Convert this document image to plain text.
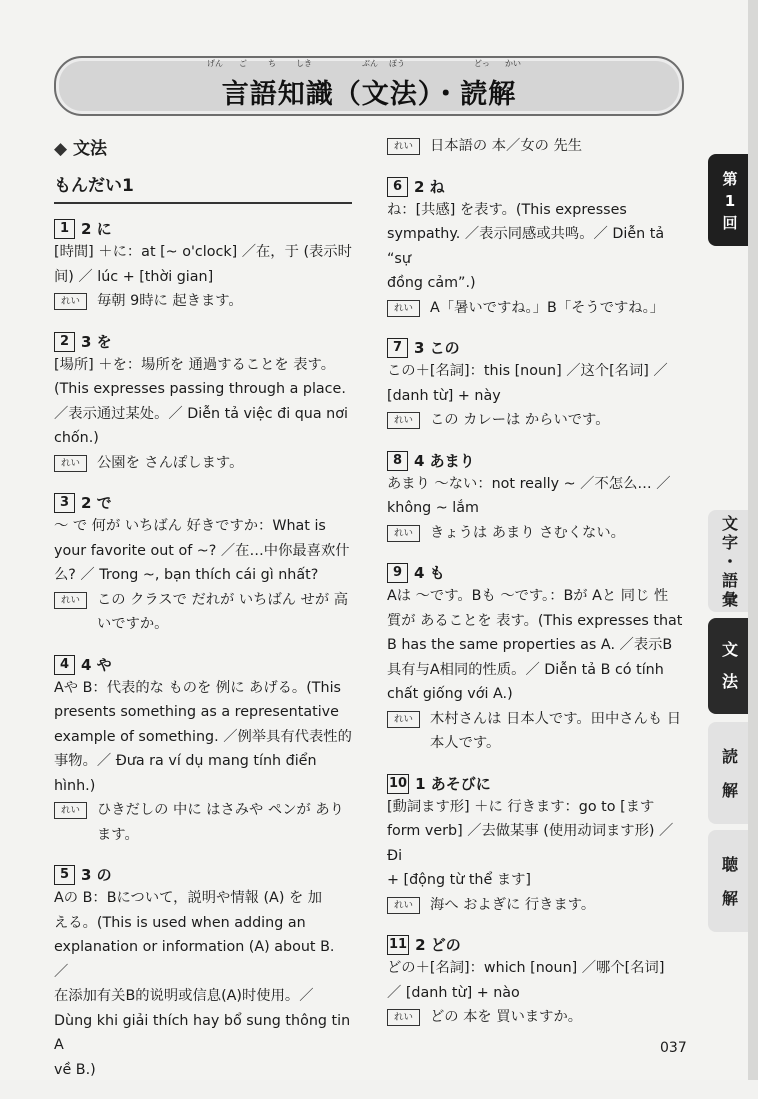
言語知識（文法）・読解
げん ご	ち	しき	ぶん ぽう	どっ かい
◆ 文法
もんだい1
1 2 に
[時間] ＋に：at [~ o'clock] ／在，于 (表示时
间) ／ lúc + [thời gian]
れい	毎朝 9時に 起きます。
2 3 を
[場所] ＋を：場所を 通過することを 表す。
(This expresses passing through a place.
／表示通过某处。／ Diễn tả việc đi qua nơi
chốn.)
れい	公園を さんぽします。
3 2 で
～ で 何が いちばん 好きですか：What is
your favorite out of ~? ／在…中你最喜欢什
么? ／ Trong ~, bạn thích cái gì nhất?
れい	この クラスで だれが いちばん せが 高いですか。
4 4 や
Aや B：代表的な ものを 例に あげる。(This
presents something as a representative
example of something. ／例举具有代表性的
事物。／ Đưa ra ví dụ mang tính điển hình.)
れい	ひきだしの 中に はさみや ペンが あります。
5 3 の
Aの B：Bについて，説明や情報 (A) を 加
える。(This is used when adding an
explanation or information (A) about B. ／
在添加有关B的说明或信息(A)时使用。／
Dùng khi giải thích hay bổ sung thông tin A
về B.)
れい	日本語の 本／女の 先生
6 2 ね
ね：[共感] を表す。(This expresses
sympathy. ／表示同感或共鸣。／ Diễn tả “sự
đồng cảm”.)
れい	A「暑いですね。」B「そうですね。」
7 3 この
この＋[名詞]：this [noun] ／这个[名词] ／
[danh từ] + này
れい	この カレーは からいです。
8 4 あまり
あまり ～ない：not really ~ ／不怎么… ／
không ~ lắm
れい	きょうは あまり さむくない。
9 4 も
Aは ～です。Bも ～です。：Bが Aと 同じ 性
質が あることを 表す。(This expresses that
B has the same properties as A. ／表示B
具有与A相同的性质。／ Diễn tả B có tính
chất giống với A.)
れい	木村さんは 日本人です。田中さんも 日本人です。
10 1 あそびに
[動詞ます形] ＋に 行きます：go to [ます
form verb] ／去做某事 (使用动词ます形) ／ Đi
+ [động từ thể ます]
れい	海へ およぎに 行きます。
11 2 どの
どの＋[名詞]：which [noun] ／哪个[名词]
／ [danh từ] + nào
れい	どの 本を 買いますか。
第
1
回
文
字
・
語
彙
文
法
読
解
聴
解
037
